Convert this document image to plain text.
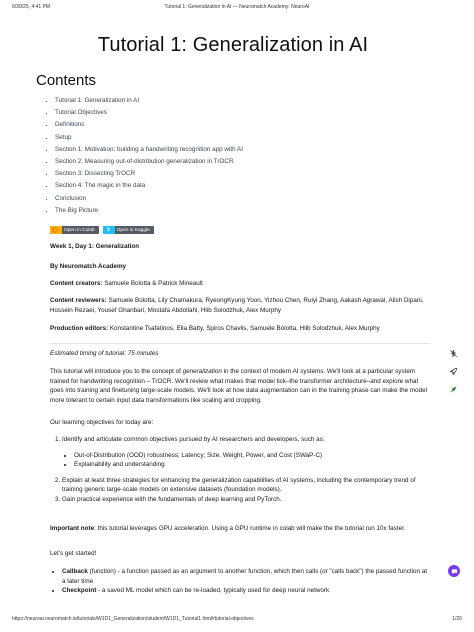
6/30/25, 4:41 PM	Tutorial 1: Generalization in AI — Neuromatch Academy: NeuroAI
Tutorial 1: Generalization in AI
Contents
• Tutorial 1: Generalization in AI
• Tutorial Objectives
• Definitions
• Setup
• Section 1: Motivation: building a handwriting recognition app with AI
• Section 2: Measuring out-of-distribution generalization in TrOCR
• Section 3: Dissecting TrOCR
• Section 4: The magic in the data
• Conclusion
• The Big Picture
Open in Colab	k Open in Kaggle

Week 1, Day 1: Generalization

By Neuromatch Academy

Content creators: Samuele Bolotta & Patrick Mineault

Content reviewers: Samuele Bolotta, Lily Chamakura, RyeongKyung Yoon, Yizhou Chen, Ruiyi Zhang, Aakash Agrawal, Alish Dipani, Hossein Rezaei, Yousef Ghanbari, Mostafa Abdollahi, Hlib Solodzhuk, Alex Murphy

Production editors: Konstantine Tsafatinos, Ella Batty, Spiros Chavlis, Samuele Bolotta, Hlib Solodzhuk, Alex Murphy

Estimated timing of tutorial: 75 minutes

This tutorial will introduce you to the concept of generalization in the context of modern AI systems. We'll look at a particular system trained for handwriting recognition – TrOCR. We'll review what makes that model tick–the transformer architecture–and explore what goes into training and finetuning large-scale models. We'll look at how data augmentation can in the training phase can make the model more tolerant to certain input data transformations like scaling and cropping.

Our learning objectives for today are:

1. Identify and articulate common objectives pursued by AI researchers and developers, such as:
• Out-of-Distribution (OOD) robustness; Latency; Size, Weight, Power, and Cost (SWaP-C)
• Explainability and understanding
2. Explain at least three strategies for enhancing the generalization capabilities of AI systems, including the contemporary trend of training generic large-scale models on extensive datasets (foundation models).
3. Gain practical experience with the fundamentals of deep learning and PyTorch.

Important note: this tutorial leverages GPU acceleration. Using a GPU runtime in colab will make the the tutorial run 10x faster.

Let's get started!

• Callback (function) - a function passed as an argument to another function, which then calls (or "calls back") the passed function at a later time
• Checkpoint - a saved ML model which can be re-loaded, typically used for deep neural network
https://neuroai.neuromatch.io/tutorials/W1D1_Generalization/student/W1D1_Tutorial1.html#tutorial-objectives	1/26
